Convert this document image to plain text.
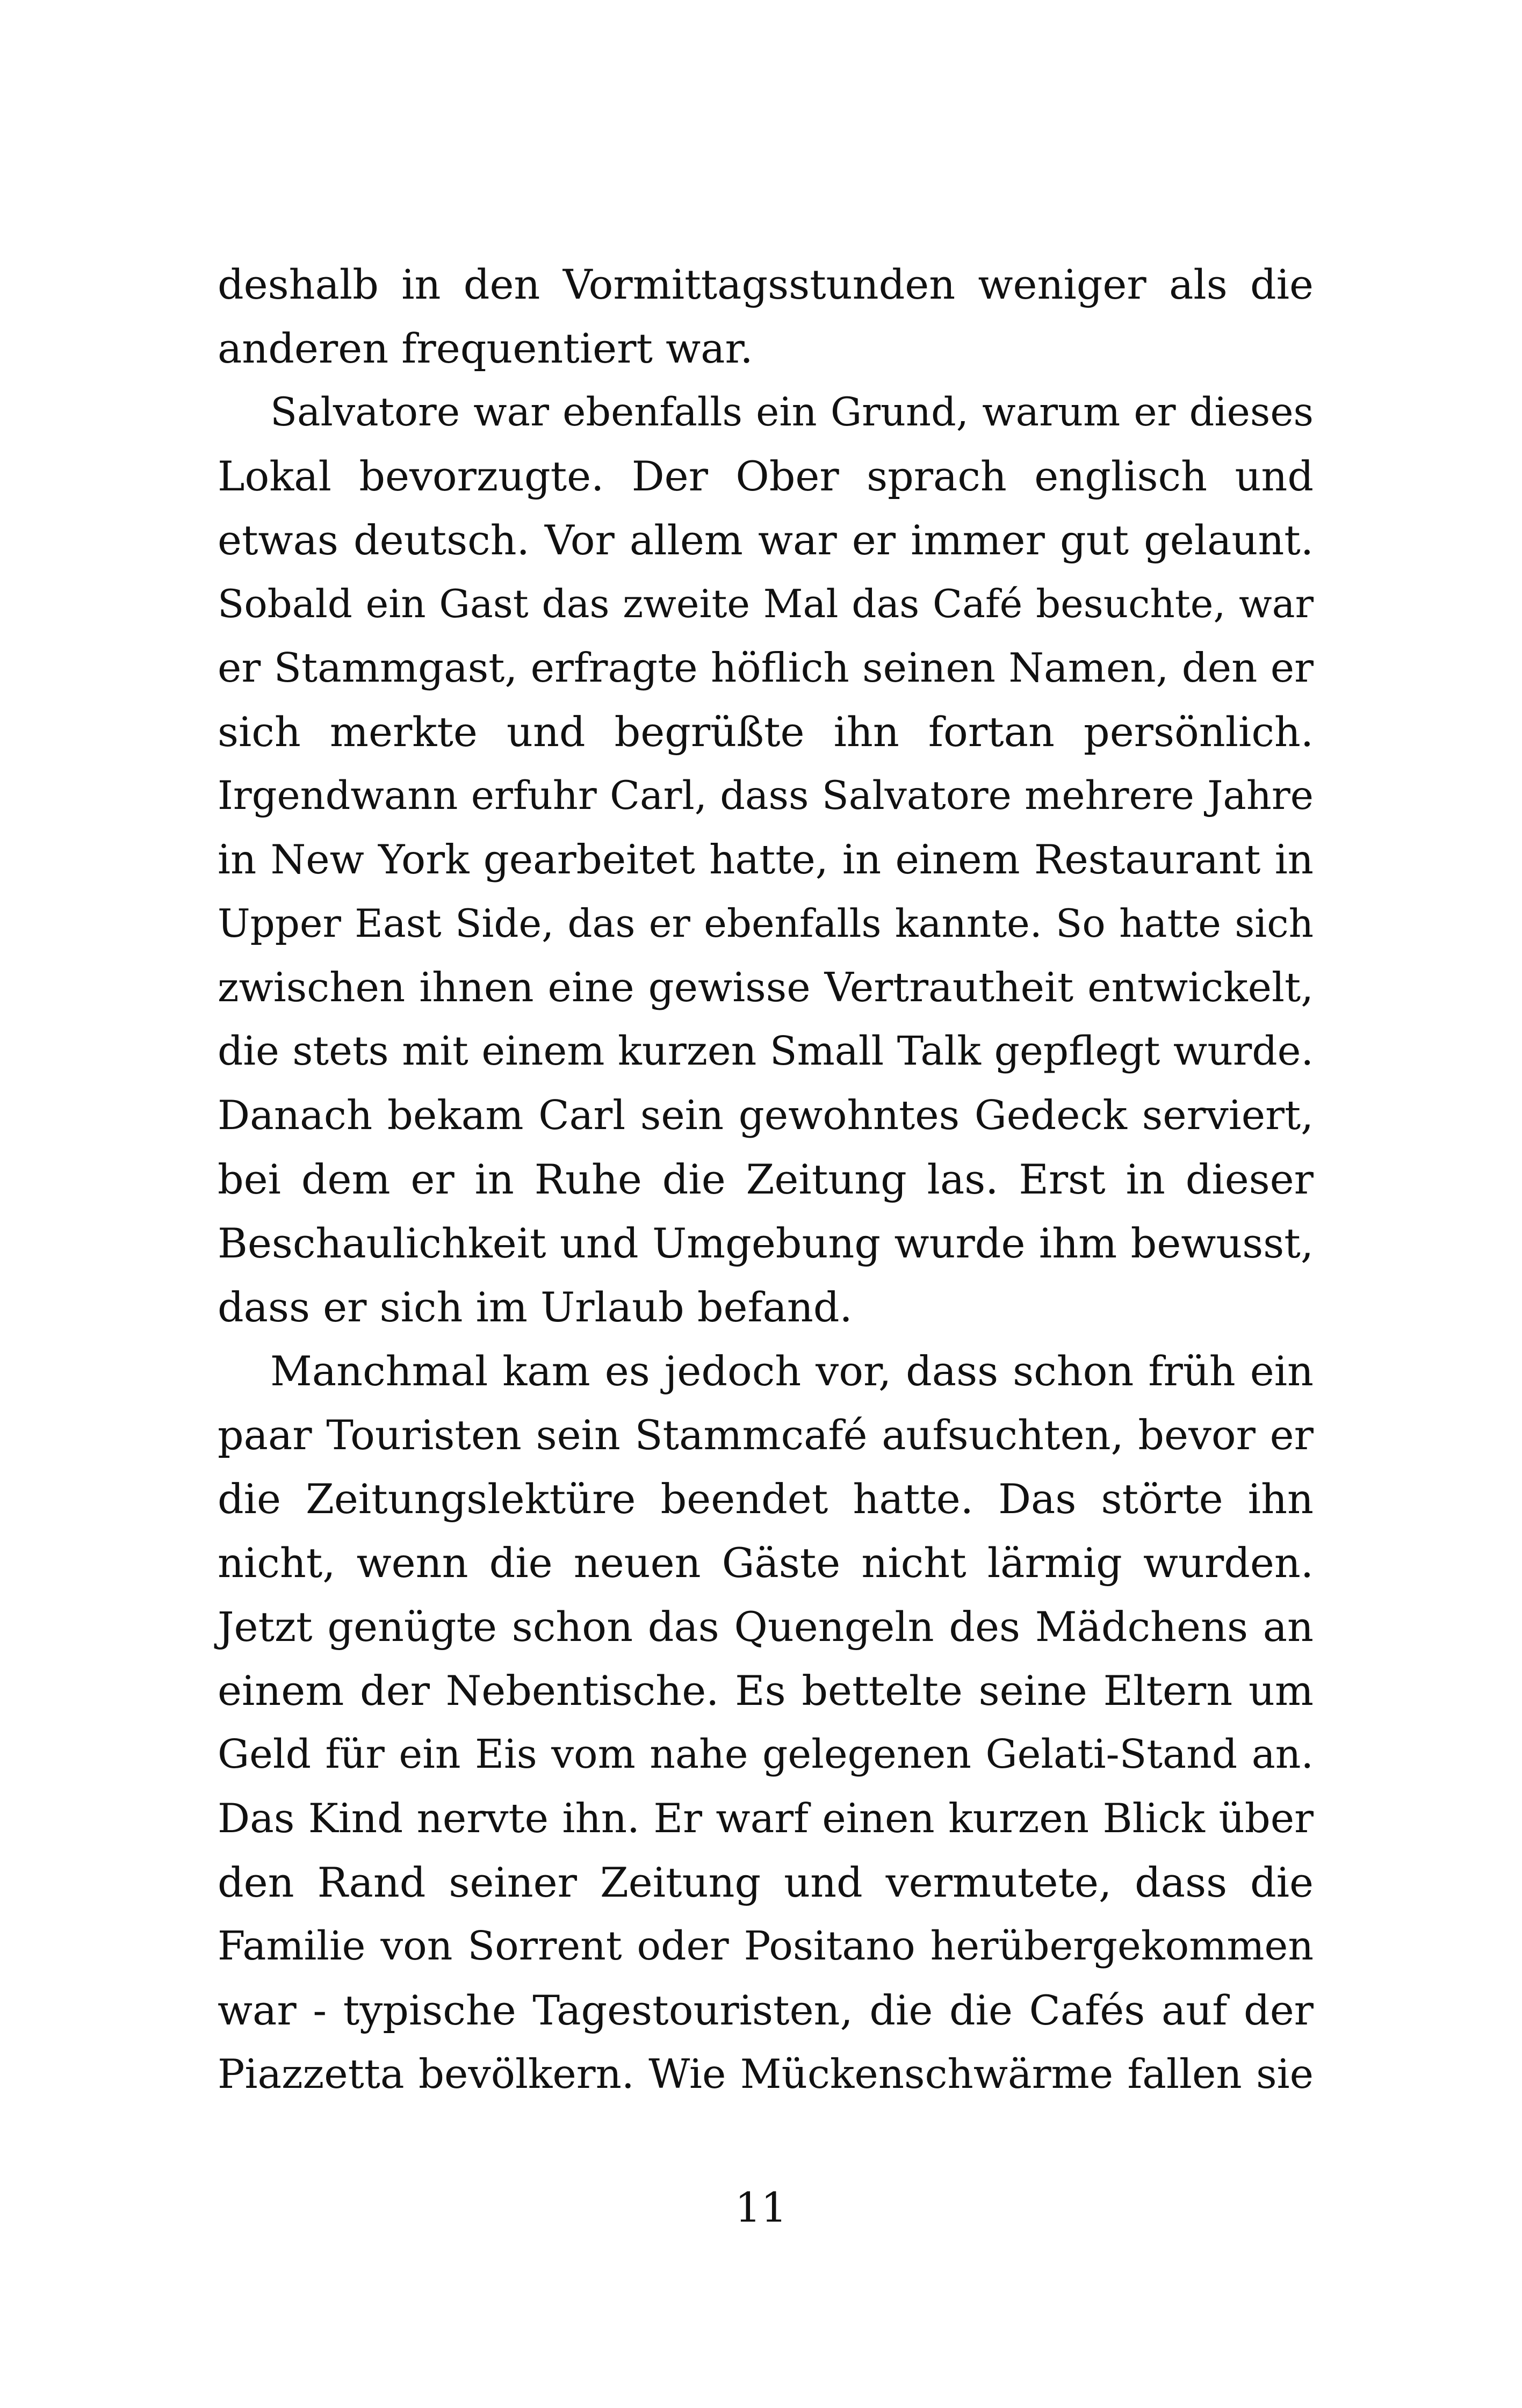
deshalb in den Vormittagsstunden weniger als die
anderen frequentiert war.
Salvatore war ebenfalls ein Grund, warum er dieses
Lokal bevorzugte. Der Ober sprach englisch und
etwas deutsch. Vor allem war er immer gut gelaunt.
Sobald ein Gast das zweite Mal das Café besuchte, war
er Stammgast, erfragte höflich seinen Namen, den er
sich merkte und begrüßte ihn fortan persönlich.
Irgendwann erfuhr Carl, dass Salvatore mehrere Jahre
in New York gearbeitet hatte, in einem Restaurant in
Upper East Side, das er ebenfalls kannte. So hatte sich
zwischen ihnen eine gewisse Vertrautheit entwickelt,
die stets mit einem kurzen Small Talk gepflegt wurde.
Danach bekam Carl sein gewohntes Gedeck serviert,
bei dem er in Ruhe die Zeitung las. Erst in dieser
Beschaulichkeit und Umgebung wurde ihm bewusst,
dass er sich im Urlaub befand.
Manchmal kam es jedoch vor, dass schon früh ein
paar Touristen sein Stammcafé aufsuchten, bevor er
die Zeitungslektüre beendet hatte. Das störte ihn
nicht, wenn die neuen Gäste nicht lärmig wurden.
Jetzt genügte schon das Quengeln des Mädchens an
einem der Nebentische. Es bettelte seine Eltern um
Geld für ein Eis vom nahe gelegenen Gelati-Stand an.
Das Kind nervte ihn. Er warf einen kurzen Blick über
den Rand seiner Zeitung und vermutete, dass die
Familie von Sorrent oder Positano herübergekommen
war - typische Tagestouristen, die die Cafés auf der
Piazzetta bevölkern. Wie Mückenschwärme fallen sie
11
